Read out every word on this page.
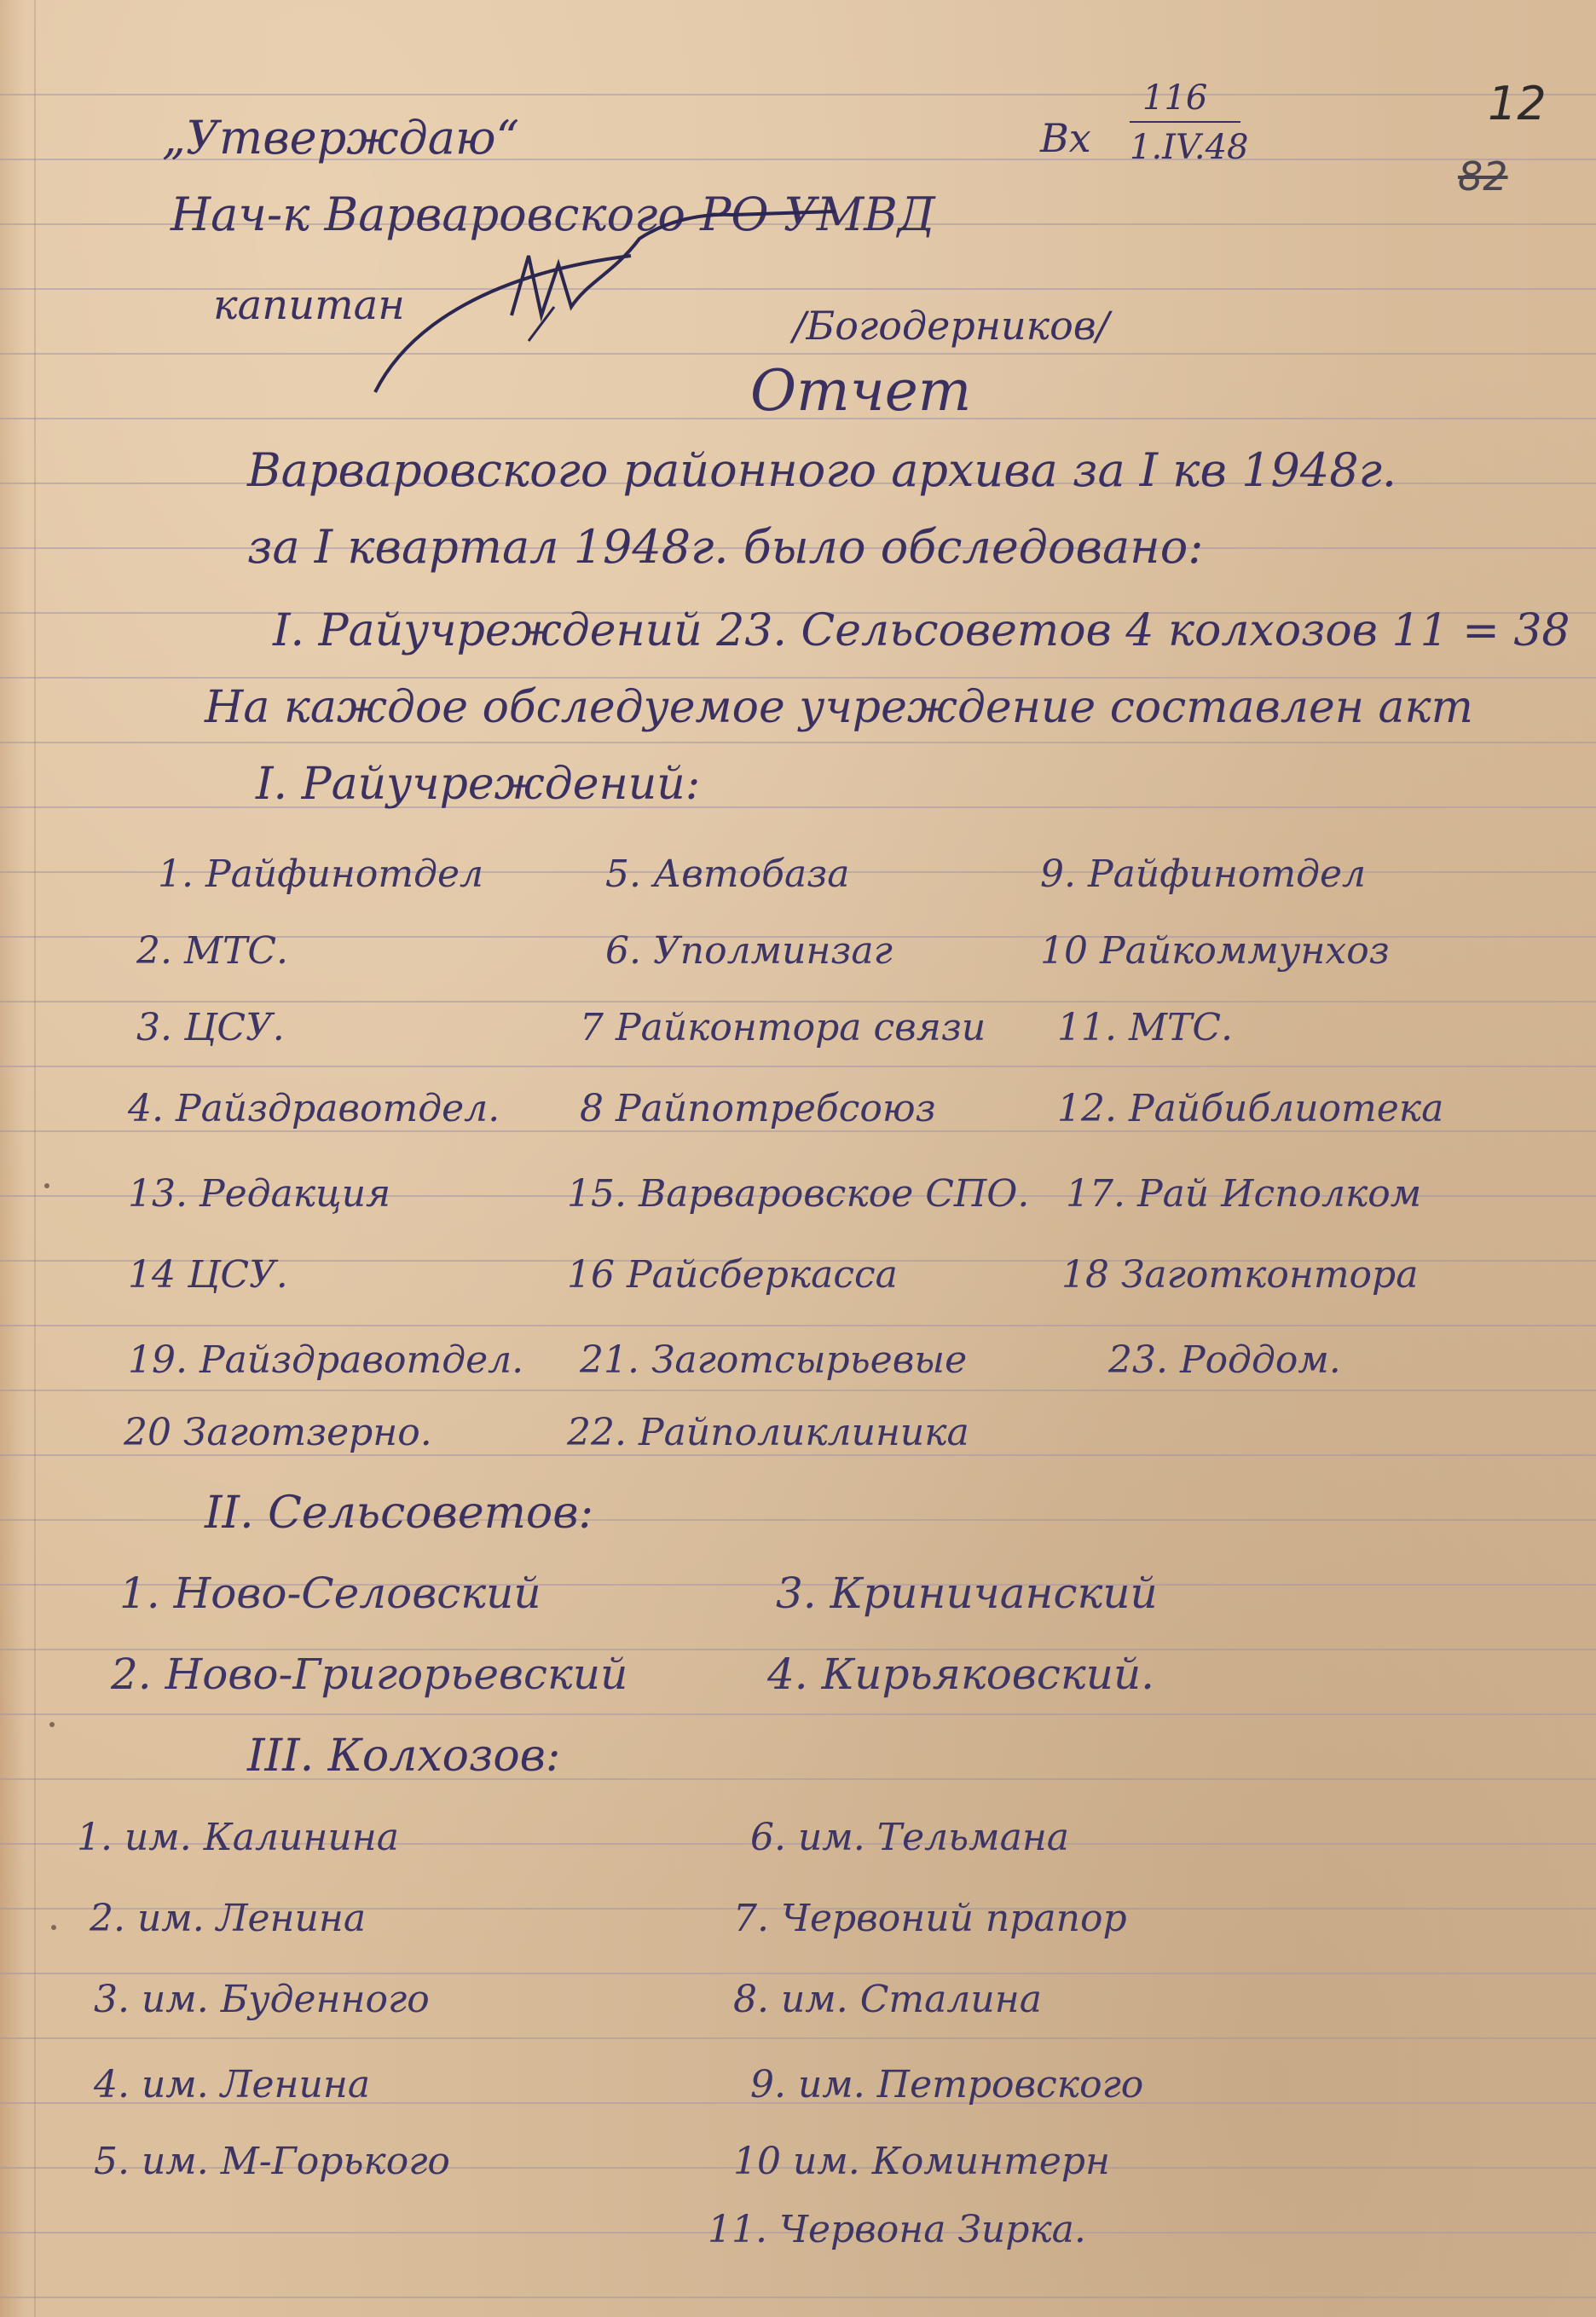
12
82
Вх
116
1.IV.48
„Утверждаю“
Нач-к Варваровского РО УМВД
капитан	/Богодерников/
Отчет
Варваровского районного архива за I кв 1948г.
за I квартал 1948г. было обследовано:
I. Райучреждений 23. Сельсоветов 4 колхозов 11 = 38
На каждое обследуемое учреждение составлен акт
I. Райучреждений:
1. Райфинотдел	5. Автобаза	9. Райфинотдел
2. МТС.	6. Уполминзаг	10 Райкоммунхоз
3. ЦСУ.	7 Райконтора связи 11. МТС.
4. Райздравотдел. 8 Райпотребсоюз	12. Райбиблиотека
13. Редакция	15. Варваровское СПО. 17. Рай Исполком
14 ЦСУ.	16 Райсберкасса	18 Заготконтора
19. Райздравотдел. 21. Заготсырьевые	23. Роддом.
20 Заготзерно.	22. Райполиклиника
II. Сельсоветов:
1. Ново-Селовский	3. Криничанский
2. Ново-Григорьевский	4. Кирьяковский.
III. Колхозов:
1. им. Калинина	6. им. Тельмана
2. им. Ленина	7. Червоний прапор
3. им. Буденного	8. им. Сталина
4. им. Ленина	9. им. Петровского
5. им. М-Горького	10 им. Коминтерн
11. Червона Зирка.
